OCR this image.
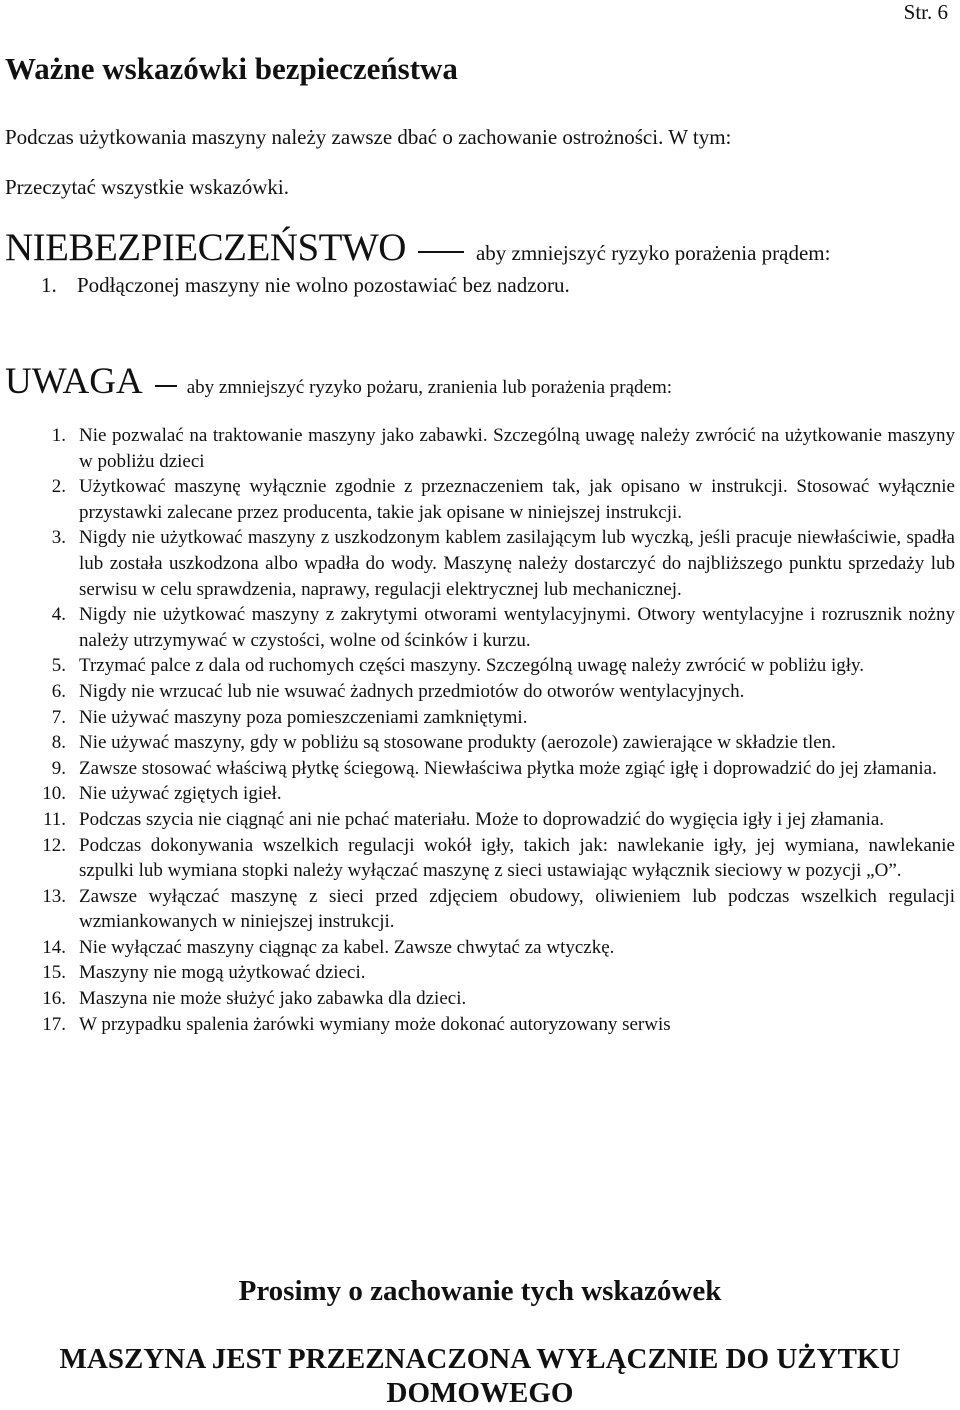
Str. 6
Ważne wskazówki bezpieczeństwa

Podczas użytkowania maszyny należy zawsze dbać o zachowanie ostrożności. W tym:

Przeczytać wszystkie wskazówki.

NIEBEZPIECZEŃSTWO	aby zmniejszyć ryzyko porażenia prądem:
1. Podłączonej maszyny nie wolno pozostawiać bez nadzoru.
UWAGA aby zmniejszyć ryzyko pożaru, zranienia lub porażenia prądem:
1. Nie pozwalać na traktowanie maszyny jako zabawki. Szczególną uwagę należy zwrócić na użytkowanie maszyny w pobliżu dzieci
2. Użytkować maszynę wyłącznie zgodnie z przeznaczeniem tak, jak opisano w instrukcji. Stosować wyłącznie przystawki zalecane przez producenta, takie jak opisane w niniejszej instrukcji.
3. Nigdy nie użytkować maszyny z uszkodzonym kablem zasilającym lub wyczką, jeśli pracuje niewłaściwie, spadła lub została uszkodzona albo wpadła do wody. Maszynę należy dostarczyć do najbliższego punktu sprzedaży lub serwisu w celu sprawdzenia, naprawy, regulacji elektrycznej lub mechanicznej.
4. Nigdy nie użytkować maszyny z zakrytymi otworami wentylacyjnymi. Otwory wentylacyjne i rozrusznik nożny należy utrzymywać w czystości, wolne od ścinków i kurzu.
5. Trzymać palce z dala od ruchomych części maszyny. Szczególną uwagę należy zwrócić w pobliżu igły.
6. Nigdy nie wrzucać lub nie wsuwać żadnych przedmiotów do otworów wentylacyjnych.
7. Nie używać maszyny poza pomieszczeniami zamkniętymi.
8. Nie używać maszyny, gdy w pobliżu są stosowane produkty (aerozole) zawierające w składzie tlen.
9. Zawsze stosować właściwą płytkę ściegową. Niewłaściwa płytka może zgiąć igłę i doprowadzić do jej złamania.
10. Nie używać zgiętych igieł.
11. Podczas szycia nie ciągnąć ani nie pchać materiału. Może to doprowadzić do wygięcia igły i jej złamania.
12. Podczas dokonywania wszelkich regulacji wokół igły, takich jak: nawlekanie igły, jej wymiana, nawlekanie szpulki lub wymiana stopki należy wyłączać maszynę z sieci ustawiając wyłącznik sieciowy w pozycji „O”.
13. Zawsze wyłączać maszynę z sieci przed zdjęciem obudowy, oliwieniem lub podczas wszelkich regulacji wzmiankowanych w niniejszej instrukcji.
14. Nie wyłączać maszyny ciągnąc za kabel. Zawsze chwytać za wtyczkę.
15. Maszyny nie mogą użytkować dzieci.
16. Maszyna nie może służyć jako zabawka dla dzieci.
17. W przypadku spalenia żarówki wymiany może dokonać autoryzowany serwis

Prosimy o zachowanie tych wskazówek

MASZYNA JEST PRZEZNACZONA WYŁĄCZNIE DO UŻYTKU DOMOWEGO
